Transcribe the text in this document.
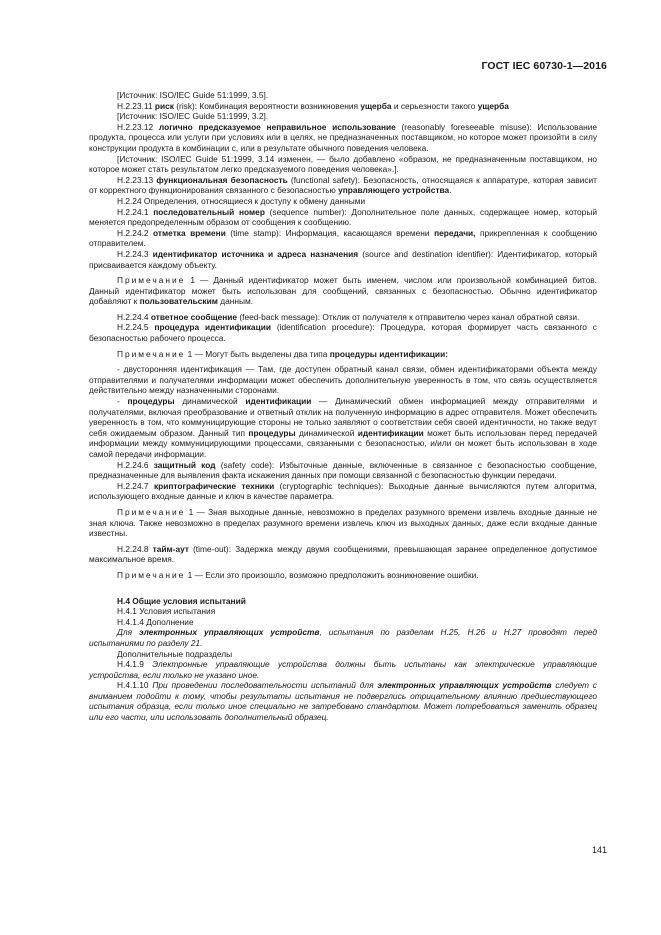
ГОСТ IEC 60730-1—2016

[Источник: ISO/IEC Guide 51:1999, 3.5].

H.2.23.11 риск (risk): Комбинация вероятности возникновения ущерба и серьезности такого ущерба

[Источник: ISO/IEC Guide 51:1999, 3.2].

H.2.23.12 логично предсказуемое неправильное использование (reasonably foreseeable misuse): Использование продукта, процесса или услуги при условиях или в целях, не предназначенных поставщиком, но которое может произойти в силу конструкции продукта в комбинации с, или в результате обычного поведения человека.

[Источник: ISO/IEC Guide 51:1999, 3.14 изменен, — было добавлено «образом, не предназначенным поставщиком, но которое может стать результатом легко предсказуемого поведения человека».].

H.2.23.13 функциональная безопасность (functional safety): Безопасность, относящаяся к аппаратуре, которая зависит от корректного функционирования связанного с безопасностью управляющего устройства.

H.2.24 Определения, относящиеся к доступу к обмену данными

H.2.24.1 последовательный номер (sequence number): Дополнительное поле данных, содержащее номер, который меняется предопределенным образом от сообщения к сообщению.

H.2.24.2 отметка времени (time stamp): Информация, касающаяся времени передачи, прикрепленная к сообщению отправителем.

H.2.24.3 идентификатор источника и адреса назначения (source and destination identifier): Идентификатор, который присваивается каждому объекту.

Примечание 1 — Данный идентификатор может быть именем, числом или произвольной комбинацией битов. Данный идентификатор может быть использован для сообщений, связанных с безопасностью. Обычно идентификатор добавляют к пользовательским данным.

H.2.24.4 ответное сообщение (feed-back message): Отклик от получателя к отправителю через канал обратной связи.

H.2.24.5 процедура идентификации (identification procedure): Процедура, которая формирует часть связанного с безопасностью рабочего процесса.

Примечание 1 — Могут быть выделены два типа процедуры идентификации:

- двусторонняя идентификация — Там, где доступен обратный канал связи, обмен идентификаторами объекта между отправителями и получателями информации может обеспечить дополнительную уверенность в том, что связь осуществляется действительно между назначенными сторонами.

- процедуры динамической идентификации — Динамический обмен информацией между отправителями и получателями, включая преобразование и ответный отклик на полученную информацию в адрес отправителя. Может обеспечить уверенность в том, что коммуницирующие стороны не только заявляют о соответствии себя своей идентичности, но также ведут себя ожидаемым образом. Данный тип процедуры динамической идентификации может быть использован перед передачей информации между коммуницирующими процессами, связанными с безопасностью, и/или он может быть использован в ходе самой передачи информации.

H.2.24.6 защитный код (safety code): Избыточные данные, включенные в связанное с безопасностью сообщение, предназначенные для выявления факта искажения данных при помощи связанной с безопасностью функции передачи.

H.2.24.7 криптографические техники (cryptographic techniques): Выходные данные вычисляются путем алгоритма, использующего входные данные и ключ в качестве параметра.

Примечание 1 — Зная выходные данные, невозможно в пределах разумного времени извлечь входные данные не зная ключа. Также невозможно в пределах разумного времени извлечь ключ из выходных данных, даже если входные данные известны.

H.2.24.8 тайм-аут (time-out): Задержка между двумя сообщениями, превышающая заранее определенное допустимое максимальное время.

Примечание 1 — Если это произошло, возможно предположить возникновение ошибки.

H.4 Общие условия испытаний

H.4.1 Условия испытания

H.4.1.4 Дополнение

Для электронных управляющих устройств, испытания по разделам H.25, H.26 и H.27 проводят перед испытаниями по разделу 21.

Дополнительные подразделы

H.4.1.9 Электронные управляющие устройства должны быть испытаны как электрические управляющие устройства, если только не указано иное.

H.4.1.10 При проведении последовательности испытаний для электронных управляющих устройств следует с вниманием подойти к тому, чтобы результаты испытания не подверглись отрицательному влиянию предшествующего испытания образца, если только иное специально не затребовано стандартом. Может потребоваться заменить образец или его части, или использовать дополнительный образец.

141
